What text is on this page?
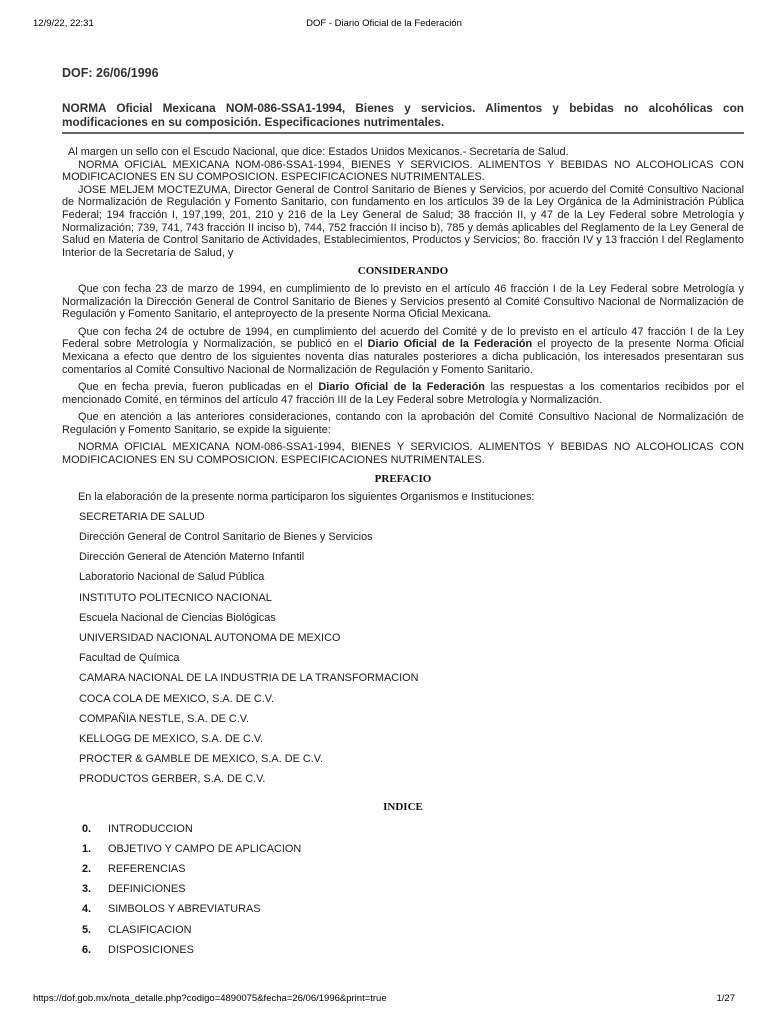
12/9/22, 22:31	DOF - Diario Oficial de la Federación
DOF: 26/06/1996
NORMA Oficial Mexicana NOM-086-SSA1-1994, Bienes y servicios. Alimentos y bebidas no alcohólicas con modificaciones en su composición. Especificaciones nutrimentales.

Al margen un sello con el Escudo Nacional, que dice: Estados Unidos Mexicanos.- Secretaría de Salud.

NORMA OFICIAL MEXICANA NOM-086-SSA1-1994, BIENES Y SERVICIOS. ALIMENTOS Y BEBIDAS NO ALCOHOLICAS CON MODIFICACIONES EN SU COMPOSICION. ESPECIFICACIONES NUTRIMENTALES.

JOSE MELJEM MOCTEZUMA, Director General de Control Sanitario de Bienes y Servicios, por acuerdo del Comité Consultivo Nacional de Normalización de Regulación y Fomento Sanitario, con fundamento en los artículos 39 de la Ley Orgánica de la Administración Pública Federal; 194 fracción I, 197,199, 201, 210 y 216 de la Ley General de Salud; 38 fracción II, y 47 de la Ley Federal sobre Metrología y Normalización; 739, 741, 743 fracción II inciso b), 744, 752 fracción II inciso b), 785 y demás aplicables del Reglamento de la Ley General de Salud en Materia de Control Sanitario de Actividades, Establecimientos, Productos y Servicios; 8o. fracción IV y 13 fracción I del Reglamento Interior de la Secretaría de Salud, y

CONSIDERANDO

Que con fecha 23 de marzo de 1994, en cumplimiento de lo previsto en el artículo 46 fracción I de la Ley Federal sobre Metrología y Normalización la Dirección General de Control Sanitario de Bienes y Servicios presentó al Comité Consultivo Nacional de Normalización de Regulación y Fomento Sanitario, el anteproyecto de la presente Norma Oficial Mexicana.

Que con fecha 24 de octubre de 1994, en cumplimiento del acuerdo del Comité y de lo previsto en el artículo 47 fracción I de la Ley Federal sobre Metrología y Normalización, se publicó en el Diario Oficial de la Federación el proyecto de la presente Norma Oficial Mexicana a efecto que dentro de los siguientes noventa días naturales posteriores a dicha publicación, los interesados presentaran sus comentarios al Comité Consultivo Nacional de Normalización de Regulación y Fomento Sanitario.

Que en fecha previa, fueron publicadas en el Diario Oficial de la Federación las respuestas a los comentarios recibidos por el mencionado Comité, en términos del artículo 47 fracción III de la Ley Federal sobre Metrología y Normalización.

Que en atención a las anteriores consideraciones, contando con la aprobación del Comité Consultivo Nacional de Normalización de Regulación y Fomento Sanitario, se expide la siguiente:

NORMA OFICIAL MEXICANA NOM-086-SSA1-1994, BIENES Y SERVICIOS. ALIMENTOS Y BEBIDAS NO ALCOHOLICAS CON MODIFICACIONES EN SU COMPOSICION. ESPECIFICACIONES NUTRIMENTALES.

PREFACIO

En la elaboración de la presente norma participaron los siguientes Organismos e Instituciones:

SECRETARIA DE SALUD
Dirección General de Control Sanitario de Bienes y Servicios
Dirección General de Atención Materno Infantil
Laboratorio Nacional de Salud Pública
INSTITUTO POLITECNICO NACIONAL
Escuela Nacional de Ciencias Biológicas
UNIVERSIDAD NACIONAL AUTONOMA DE MEXICO
Facultad de Química
CAMARA NACIONAL DE LA INDUSTRIA DE LA TRANSFORMACION
COCA COLA DE MEXICO, S.A. DE C.V.
COMPAÑIA NESTLE, S.A. DE C.V.
KELLOGG DE MEXICO, S.A. DE C.V.
PROCTER & GAMBLE DE MEXICO, S.A. DE C.V.
PRODUCTOS GERBER, S.A. DE C.V.
INDICE
0. INTRODUCCION
1. OBJETIVO Y CAMPO DE APLICACION
2. REFERENCIAS
3. DEFINICIONES
4. SIMBOLOS Y ABREVIATURAS
5. CLASIFICACION
6. DISPOSICIONES
https://dof.gob.mx/nota_detalle.php?codigo=4890075&fecha=26/06/1996&print=true	1/27
